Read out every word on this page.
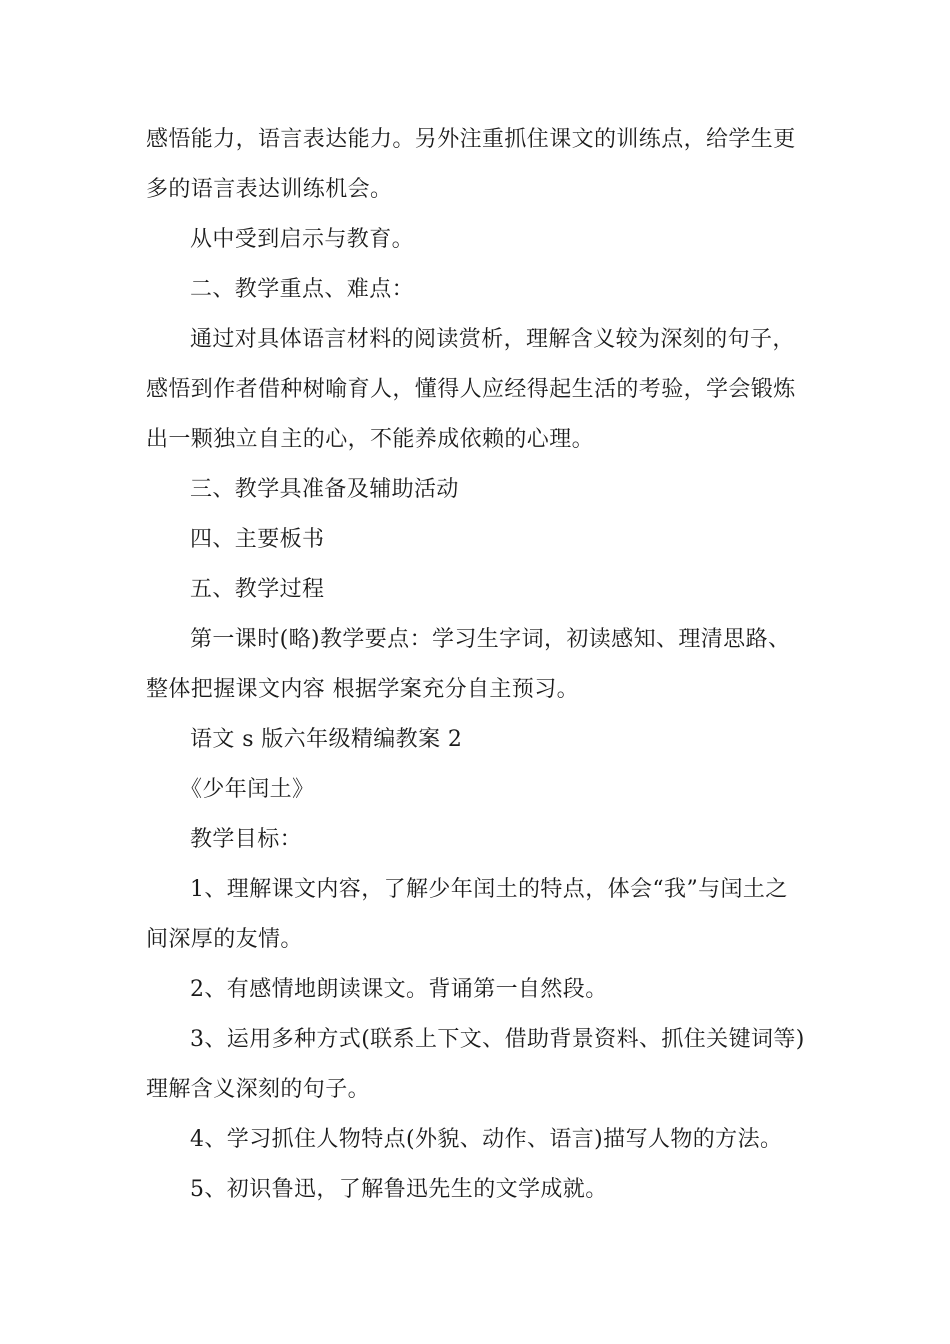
感悟能力，语言表达能力。另外注重抓住课文的训练点，给学生更
多的语言表达训练机会。

从中受到启示与教育。

二、教学重点、难点：

通过对具体语言材料的阅读赏析，理解含义较为深刻的句子，
感悟到作者借种树喻育人，懂得人应经得起生活的考验，学会锻炼
出一颗独立自主的心，不能养成依赖的心理。

三、教学具准备及辅助活动

四、主要板书

五、教学过程

第一课时(略)教学要点：学习生字词，初读感知、理清思路、
整体把握课文内容 根据学案充分自主预习。

语文 s 版六年级精编教案 2

《少年闰土》

教学目标：

1、理解课文内容，了解少年闰土的特点，体会“我”与闰土之
间深厚的友情。

2、有感情地朗读课文。背诵第一自然段。

3、运用多种方式(联系上下文、借助背景资料、抓住关键词等)
理解含义深刻的句子。

4、学习抓住人物特点(外貌、动作、语言)描写人物的方法。

5、初识鲁迅，了解鲁迅先生的文学成就。
